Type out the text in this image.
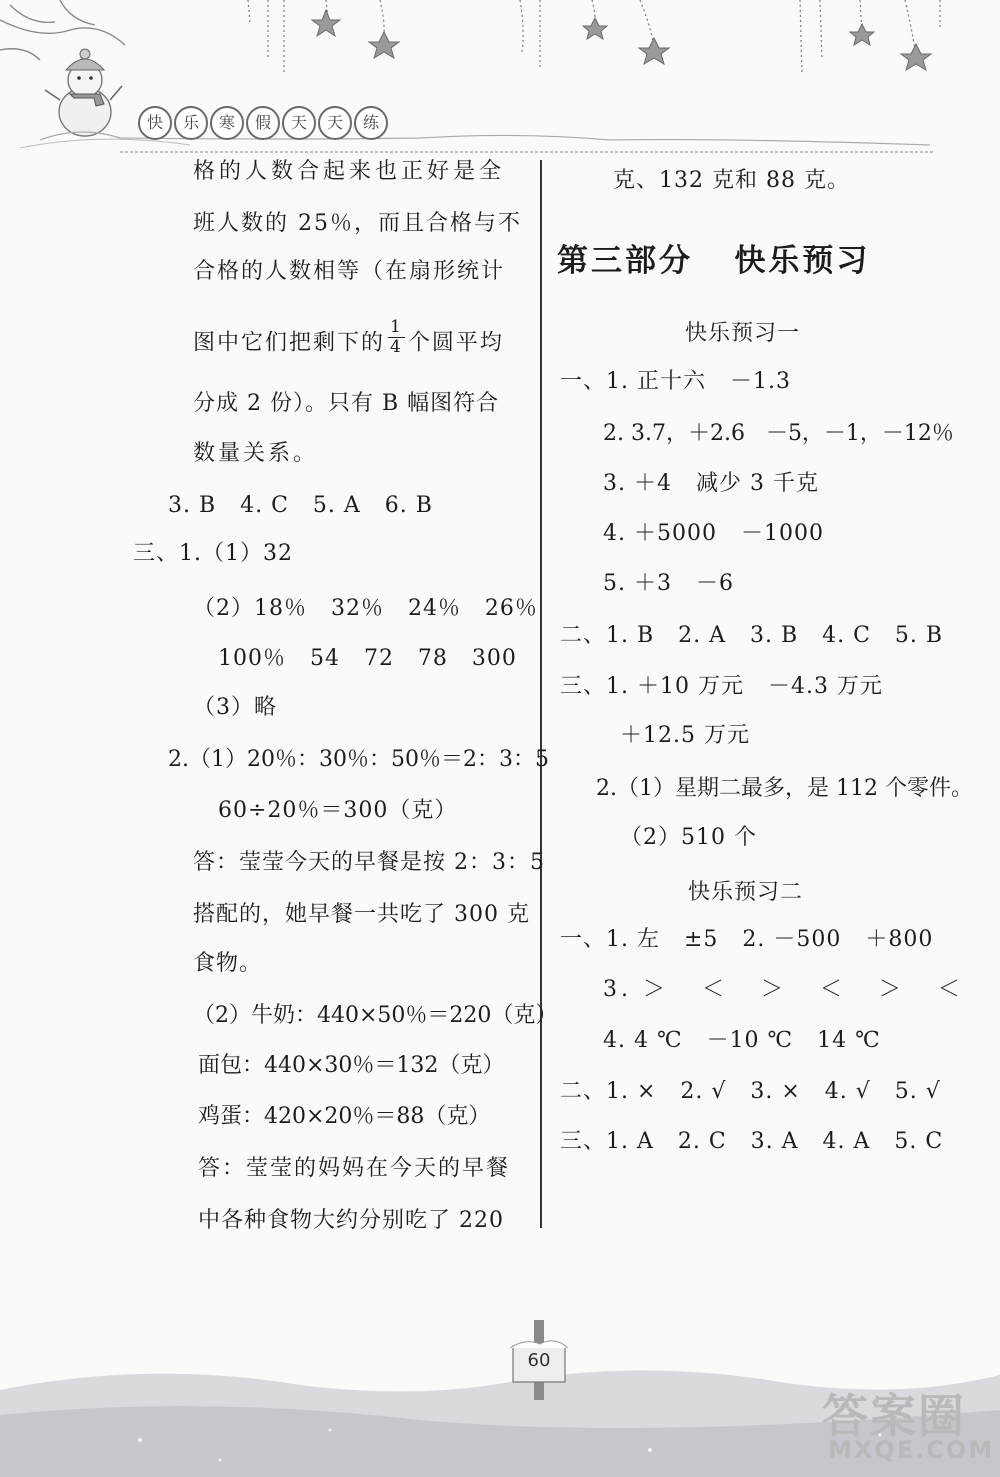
快	乐	寒	假	天	天	练
格的人数合起来也正好是全
班人数的 25％，而且合格与不
合格的人数相等（在扇形统计
图中它们把剩下的 $\frac{1}{4}$ 个圆平均
分成 2 份）。只有 B 幅图符合
数量关系。
3. B   4. C   5. A   6. B
三、1.（1）32
（2）18％   32％   24％   26％
100％   54   72   78   300
（3）略
2.（1）20％：30％：50％＝2：3：5
60÷20％＝300（克）
答：莹莹今天的早餐是按 2：3：5
搭配的，她早餐一共吃了 300 克
食物。
（2）牛奶：440×50％＝220（克）
面包：440×30％＝132（克）
鸡蛋：420×20％＝88（克）
答：莹莹的妈妈在今天的早餐
中各种食物大约分别吃了 220
克、132 克和 88 克。
第三部分   快乐预习
快乐预习一
一、1. 正十六   －1.3
2. 3.7，＋2.6   －5，－1，－12％
3. ＋4   减少 3 千克
4. ＋5000   －1000
5. ＋3   －6
二、1. B   2. A   3. B   4. C   5. B
三、1. ＋10 万元   －4.3 万元
＋12.5 万元
2.（1）星期二最多，是 112 个零件。
（2）510 个
快乐预习二
一、1. 左   ±5   2. －500   ＋800
3. ＞   ＜   ＞   ＜   ＞   ＜
4. 4 ℃   －10 ℃   14 ℃
二、1. ×   2. √   3. ×   4. √   5. √
三、1. A   2. C   3. A   4. A   5. C
60
答案圈
MXQE.COM
